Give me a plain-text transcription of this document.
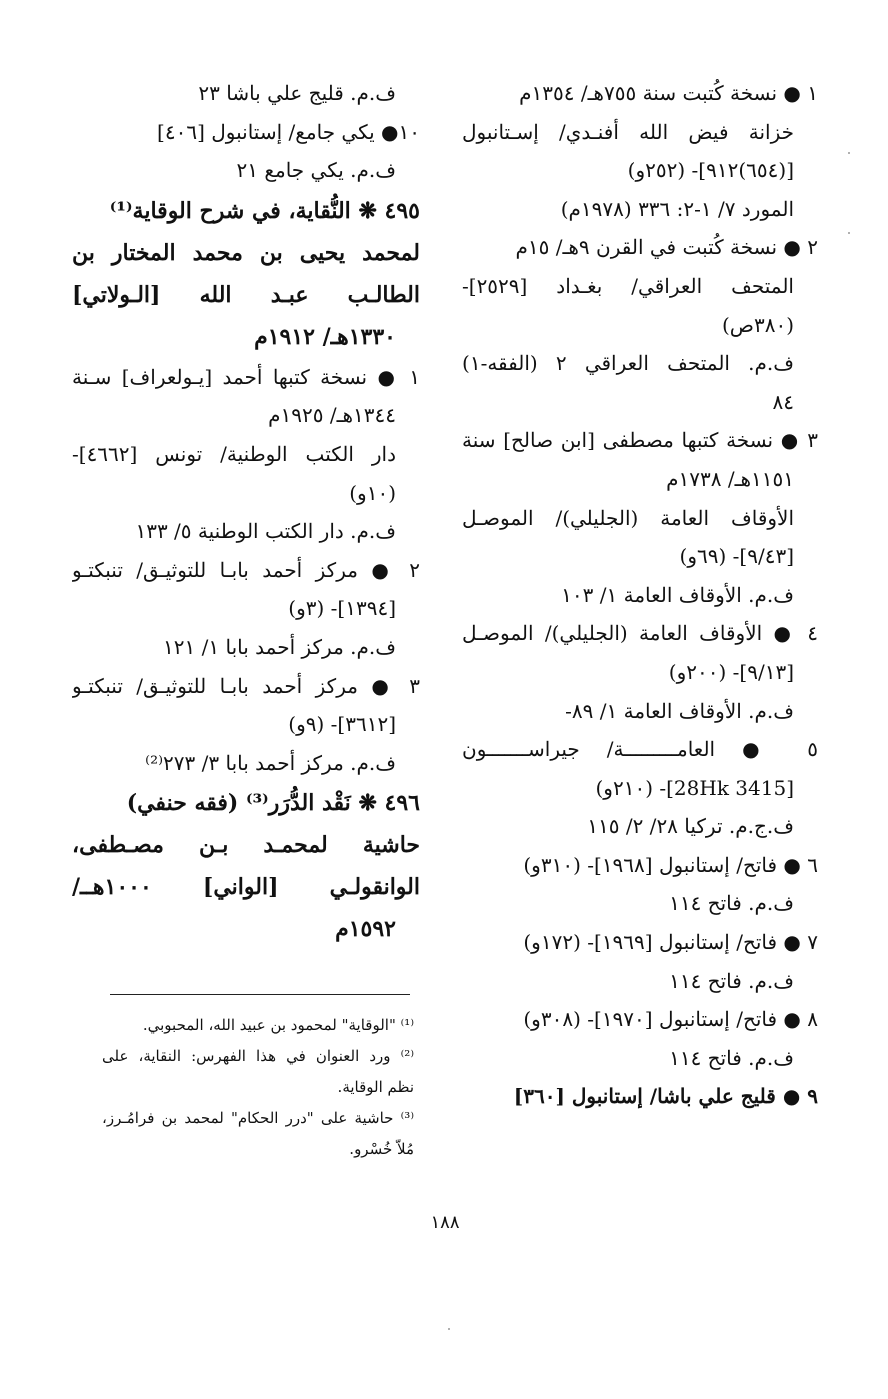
١ ● نسخة كُتبت سنة ٧٥٥هـ/ ١٣٥٤م
خزانة فيض الله أفنـدي/ إسـتانبول
[(٦٥٤)٩١٢]- (٢٥٢و)
المورد ٧/ ١-٢: ٣٣٦ (١٩٧٨م)
٢ ● نسخة كُتبت في القرن ٩هـ/ ١٥م
المتحف العراقي/ بغـداد [٢٥٢٩]-
(٣٨٠ص)
ف.م. المتحف العراقي ٢ (الفقه-١)
٨٤
٣ ● نسخة كتبها مصطفى [ابن صالح] سنة
١١٥١هـ/ ١٧٣٨م
الأوقاف العامة (الجليلي)/ الموصـل
[٩/٤٣]- (٦٩و)
ف.م. الأوقاف العامة ١/ ١٠٣
٤ ● الأوقاف العامة (الجليلي)/ الموصـل
[٩/١٣]- (٢٠٠و)
ف.م. الأوقاف العامة ١/ ٨٩-
٥ ● العامـــــــــة/ جيراســـــــون
[28Hk 3415]- (٢١٠و)
ف.ج.م. تركيا ٢٨/ ٢/ ١١٥
٦ ● فاتح/ إستانبول [١٩٦٨]- (٣١٠و)
ف.م. فاتح ١١٤
٧ ● فاتح/ إستانبول [١٩٦٩]- (١٧٢و)
ف.م. فاتح ١١٤
٨ ● فاتح/ إستانبول [١٩٧٠]- (٣٠٨و)
ف.م. فاتح ١١٤
٩ ● قليج علي باشا/ إستانبول [٣٦٠]
ف.م. قليج علي باشا ٢٣
١٠● يكي جامع/ إستانبول [٤٠٦]
ف.م. يكي جامع ٢١
٤٩٥ ❋ النُّقاية، في شرح الوقاية⁽¹⁾
لمحمد يحيى بن محمد المختار بن
الطالـب عبـد الله [الـولاتي]
١٣٣٠هـ/ ١٩١٢م
١ ● نسخة كتبها أحمد [يـولعراف] سـنة
١٣٤٤هـ/ ١٩٢٥م
دار الكتب الوطنية/ تونس [٤٦٦٢]-
(١٠و)
ف.م. دار الكتب الوطنية ٥/ ١٣٣
٢ ● مركز أحمد بابـا للتوثيـق/ تنبكتـو
[١٣٩٤]- (٣و)
ف.م. مركز أحمد بابا ١/ ١٢١
٣ ● مركز أحمد بابـا للتوثيـق/ تنبكتـو
[٣٦١٢]- (٩و)
ف.م. مركز أحمد بابا ٣/ ٢٧٣⁽²⁾
٤٩٦ ❋ نَقْد الدُّرَر⁽³⁾ (فقه حنفي)
حاشية لمحمـد بـن مصـطفى،
الوانقولـي [الواني] ١٠٠٠هــ/
١٥٩٢م
⁽¹⁾ "الوقاية" لمحمود بن عبيد الله، المحبوبي.
⁽²⁾ ورد العنوان في هذا الفهرس: النقاية، على
نظم الوقاية.
⁽³⁾ حاشية على "درر الحكام" لمحمد بن فرامُـرز،
مُلاّ خُسْرو.
١٨٨
